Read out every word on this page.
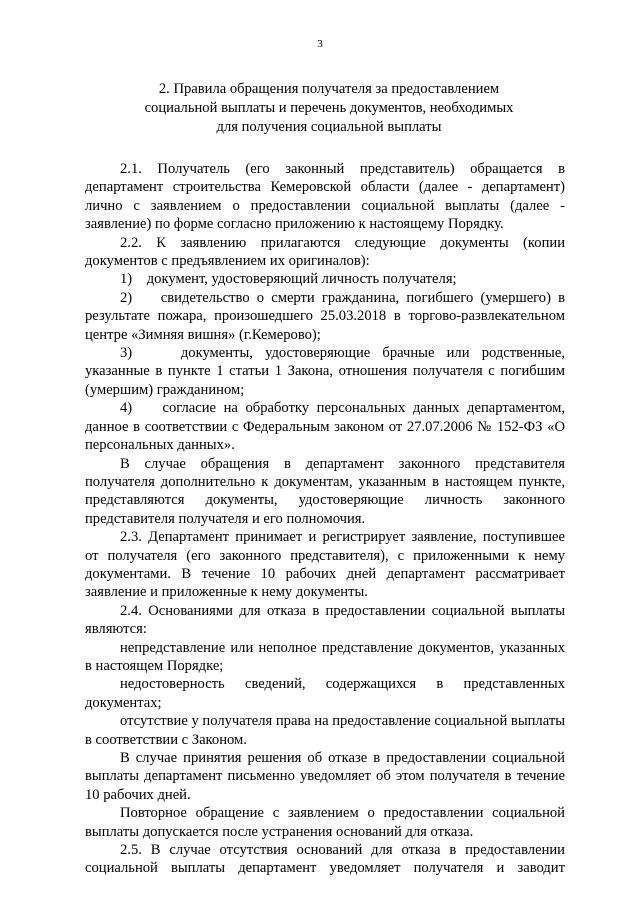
3
2. Правила обращения получателя за предоставлением
социальной выплаты и перечень документов, необходимых
для получения социальной выплаты

2.1. Получатель (его законный представитель) обращается в департамент строительства Кемеровской области (далее - департамент) лично с заявлением о предоставлении социальной выплаты (далее - заявление) по форме согласно приложению к настоящему Порядку.

2.2. К заявлению прилагаются следующие документы (копии документов с предъявлением их оригиналов):

1)    документ, удостоверяющий личность получателя;

2)    свидетельство о смерти гражданина, погибшего (умершего) в результате пожара, произошедшего 25.03.2018 в торгово-развлекательном центре «Зимняя вишня» (г.Кемерово);

3)    документы, удостоверяющие брачные или родственные, указанные в пункте 1 статьи 1 Закона, отношения получателя с погибшим (умершим) гражданином;

4)    согласие на обработку персональных данных департаментом, данное в соответствии с Федеральным законом от 27.07.2006 № 152-ФЗ «О персональных данных».

В случае обращения в департамент законного представителя получателя дополнительно к документам, указанным в настоящем пункте, представляются документы, удостоверяющие личность законного представителя получателя и его полномочия.

2.3. Департамент принимает и регистрирует заявление, поступившее от получателя (его законного представителя), с приложенными к нему документами. В течение 10 рабочих дней департамент рассматривает заявление и приложенные к нему документы.

2.4. Основаниями для отказа в предоставлении социальной выплаты являются:

непредставление или неполное представление документов, указанных в настоящем Порядке;

недостоверность сведений, содержащихся в представленных документах;

отсутствие у получателя права на предоставление социальной выплаты в соответствии с Законом.

В случае принятия решения об отказе в предоставлении социальной выплаты департамент письменно уведомляет об этом получателя в течение 10 рабочих дней.

Повторное обращение с заявлением о предоставлении социальной выплаты допускается после устранения оснований для отказа.

2.5. В случае отсутствия оснований для отказа в предоставлении социальной выплаты департамент уведомляет получателя и заводит
